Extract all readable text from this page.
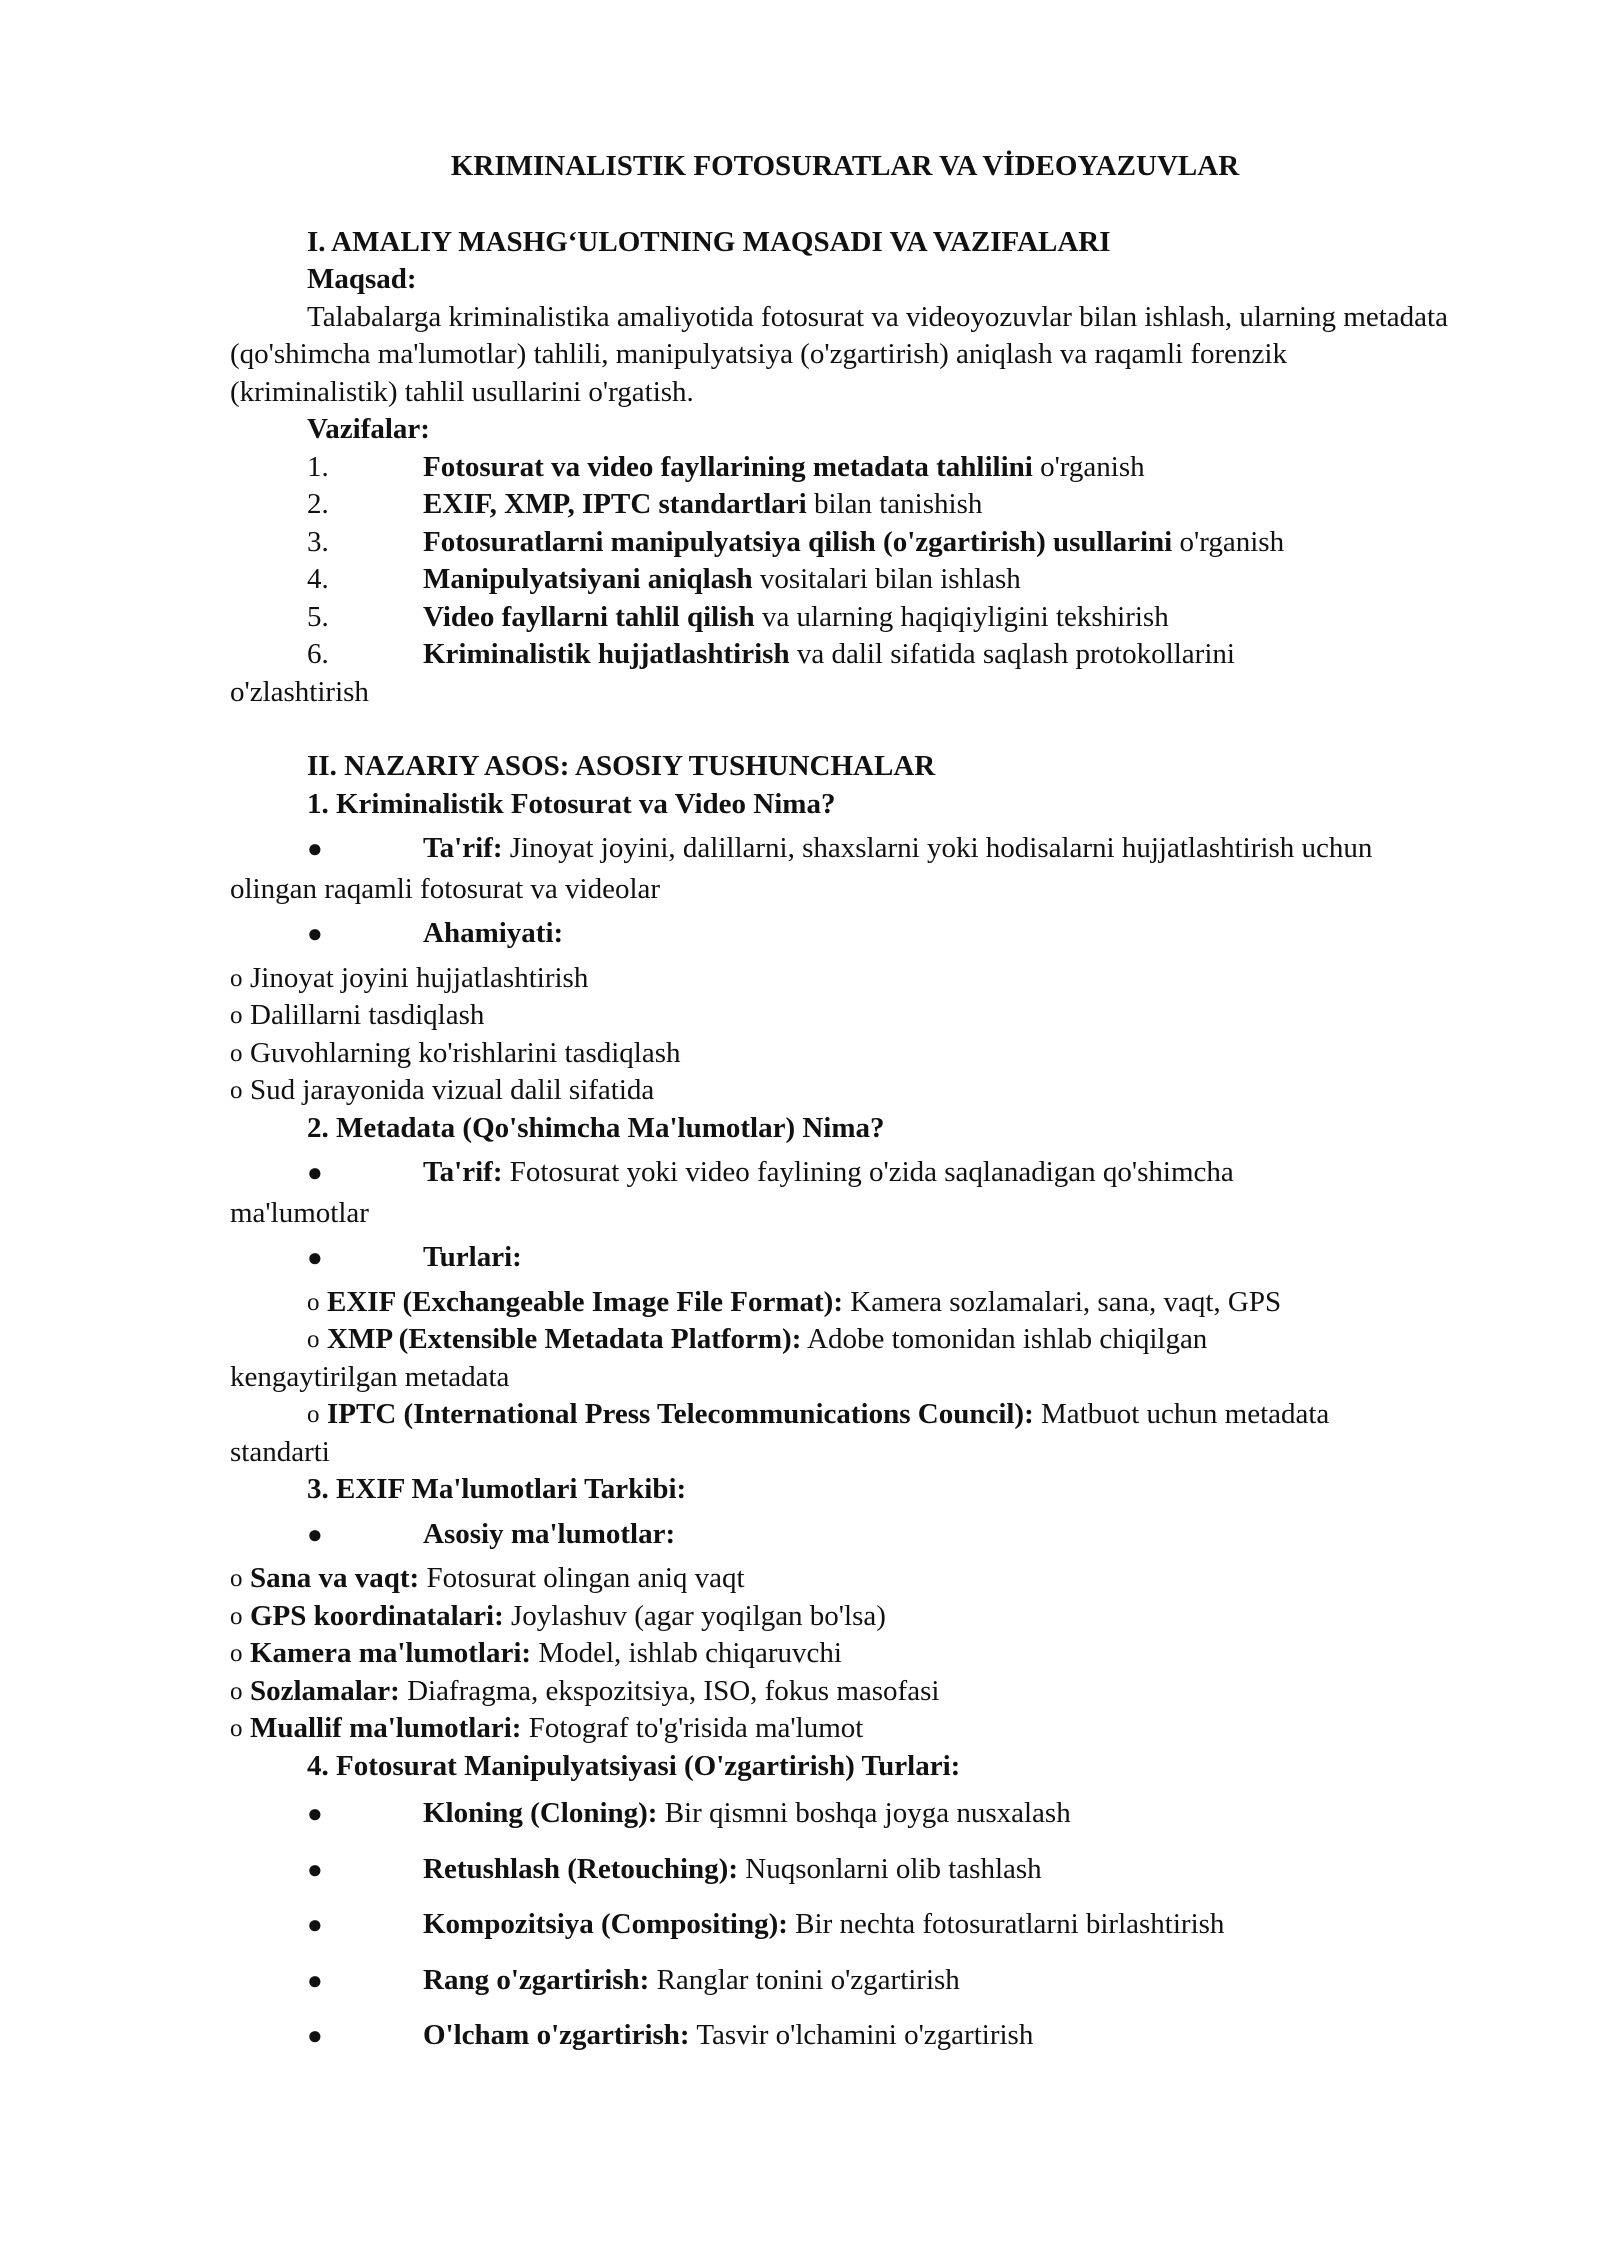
KRIMINALISTIK FOTOSURATLAR VA VİDEOYAZUVLAR
I. AMALIY MASHG‘ULOTNING MAQSADI VA VAZIFALARI
Maqsad:
Talabalarga kriminalistika amaliyotida fotosurat va videoyozuvlar bilan ishlash, ularning metadata (qo'shimcha ma'lumotlar) tahlili, manipulyatsiya (o'zgartirish) aniqlash va raqamli forenzik (kriminalistik) tahlil usullarini o'rgatish.
Vazifalar:
1.	Fotosurat va video fayllarining metadata tahlilini o'rganish
2.	EXIF, XMP, IPTC standartlari bilan tanishish
3.	Fotosuratlarni manipulyatsiya qilish (o'zgartirish) usullarini o'rganish
4.	Manipulyatsiyani aniqlash vositalari bilan ishlash
5.	Video fayllarni tahlil qilish va ularning haqiqiyligini tekshirish
6.	Kriminalistik hujjatlashtirish va dalil sifatida saqlash protokollarini
o'zlashtirish
II. NAZARIY ASOS: ASOSIY TUSHUNCHALAR
1. Kriminalistik Fotosurat va Video Nima?
●	Ta'rif: Jinoyat joyini, dalillarni, shaxslarni yoki hodisalarni hujjatlashtirish uchun
olingan raqamli fotosurat va videolar
●	Ahamiyati:
o Jinoyat joyini hujjatlashtirish
o Dalillarni tasdiqlash
o Guvohlarning ko'rishlarini tasdiqlash
o Sud jarayonida vizual dalil sifatida
2. Metadata (Qo'shimcha Ma'lumotlar) Nima?
●	Ta'rif: Fotosurat yoki video faylining o'zida saqlanadigan qo'shimcha
ma'lumotlar
●	Turlari:
o EXIF (Exchangeable Image File Format): Kamera sozlamalari, sana, vaqt, GPS
o XMP (Extensible Metadata Platform): Adobe tomonidan ishlab chiqilgan
kengaytirilgan metadata
o IPTC (International Press Telecommunications Council): Matbuot uchun metadata
standarti
3. EXIF Ma'lumotlari Tarkibi:
●	Asosiy ma'lumotlar:
o Sana va vaqt: Fotosurat olingan aniq vaqt
o GPS koordinatalari: Joylashuv (agar yoqilgan bo'lsa)
o Kamera ma'lumotlari: Model, ishlab chiqaruvchi
o Sozlamalar: Diafragma, ekspozitsiya, ISO, fokus masofasi
o Muallif ma'lumotlari: Fotograf to'g'risida ma'lumot
4. Fotosurat Manipulyatsiyasi (O'zgartirish) Turlari:
●	Kloning (Cloning): Bir qismni boshqa joyga nusxalash
●	Retushlash (Retouching): Nuqsonlarni olib tashlash
●	Kompozitsiya (Compositing): Bir nechta fotosuratlarni birlashtirish
●	Rang o'zgartirish: Ranglar tonini o'zgartirish
●	O'lcham o'zgartirish: Tasvir o'lchamini o'zgartirish
